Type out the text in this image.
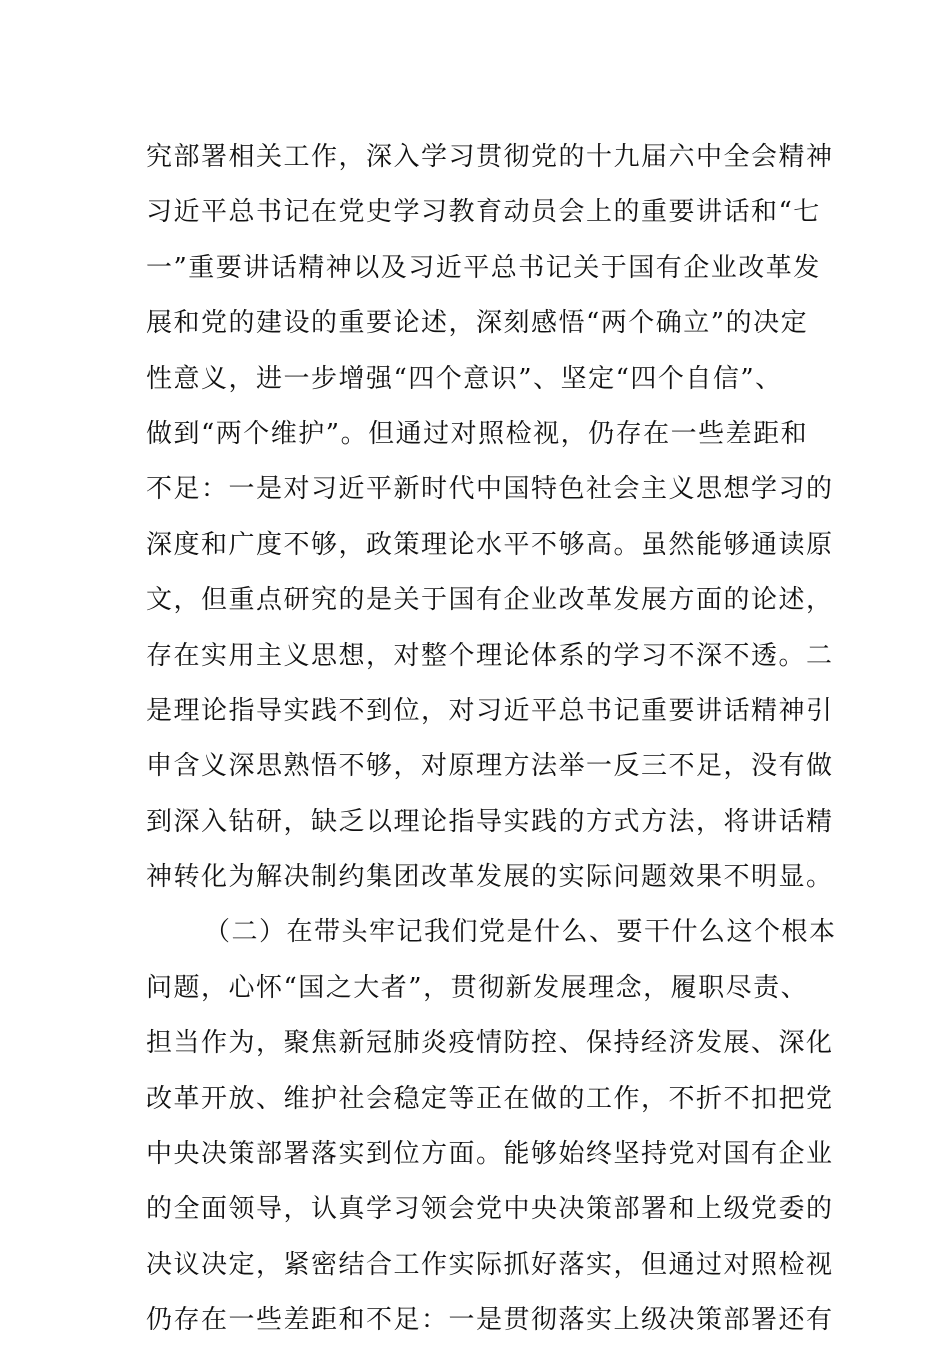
究部署相关工作，深入学习贯彻党的十九届六中全会精神
习近平总书记在党史学习教育动员会上的重要讲话和“七
一”重要讲话精神以及习近平总书记关于国有企业改革发
展和党的建设的重要论述，深刻感悟“两个确立”的决定
性意义，进一步增强“四个意识”、坚定“四个自信”、
做到“两个维护”。但通过对照检视，仍存在一些差距和
不足：一是对习近平新时代中国特色社会主义思想学习的
深度和广度不够，政策理论水平不够高。虽然能够通读原
文，但重点研究的是关于国有企业改革发展方面的论述，
存在实用主义思想，对整个理论体系的学习不深不透。二
是理论指导实践不到位，对习近平总书记重要讲话精神引
申含义深思熟悟不够，对原理方法举一反三不足，没有做
到深入钻研，缺乏以理论指导实践的方式方法，将讲话精
神转化为解决制约集团改革发展的实际问题效果不明显。
（二）在带头牢记我们党是什么、要干什么这个根本
问题，心怀“国之大者”，贯彻新发展理念，履职尽责、
担当作为，聚焦新冠肺炎疫情防控、保持经济发展、深化
改革开放、维护社会稳定等正在做的工作，不折不扣把党
中央决策部署落实到位方面。能够始终坚持党对国有企业
的全面领导，认真学习领会党中央决策部署和上级党委的
决议决定，紧密结合工作实际抓好落实，但通过对照检视
仍存在一些差距和不足：一是贯彻落实上级决策部署还有
